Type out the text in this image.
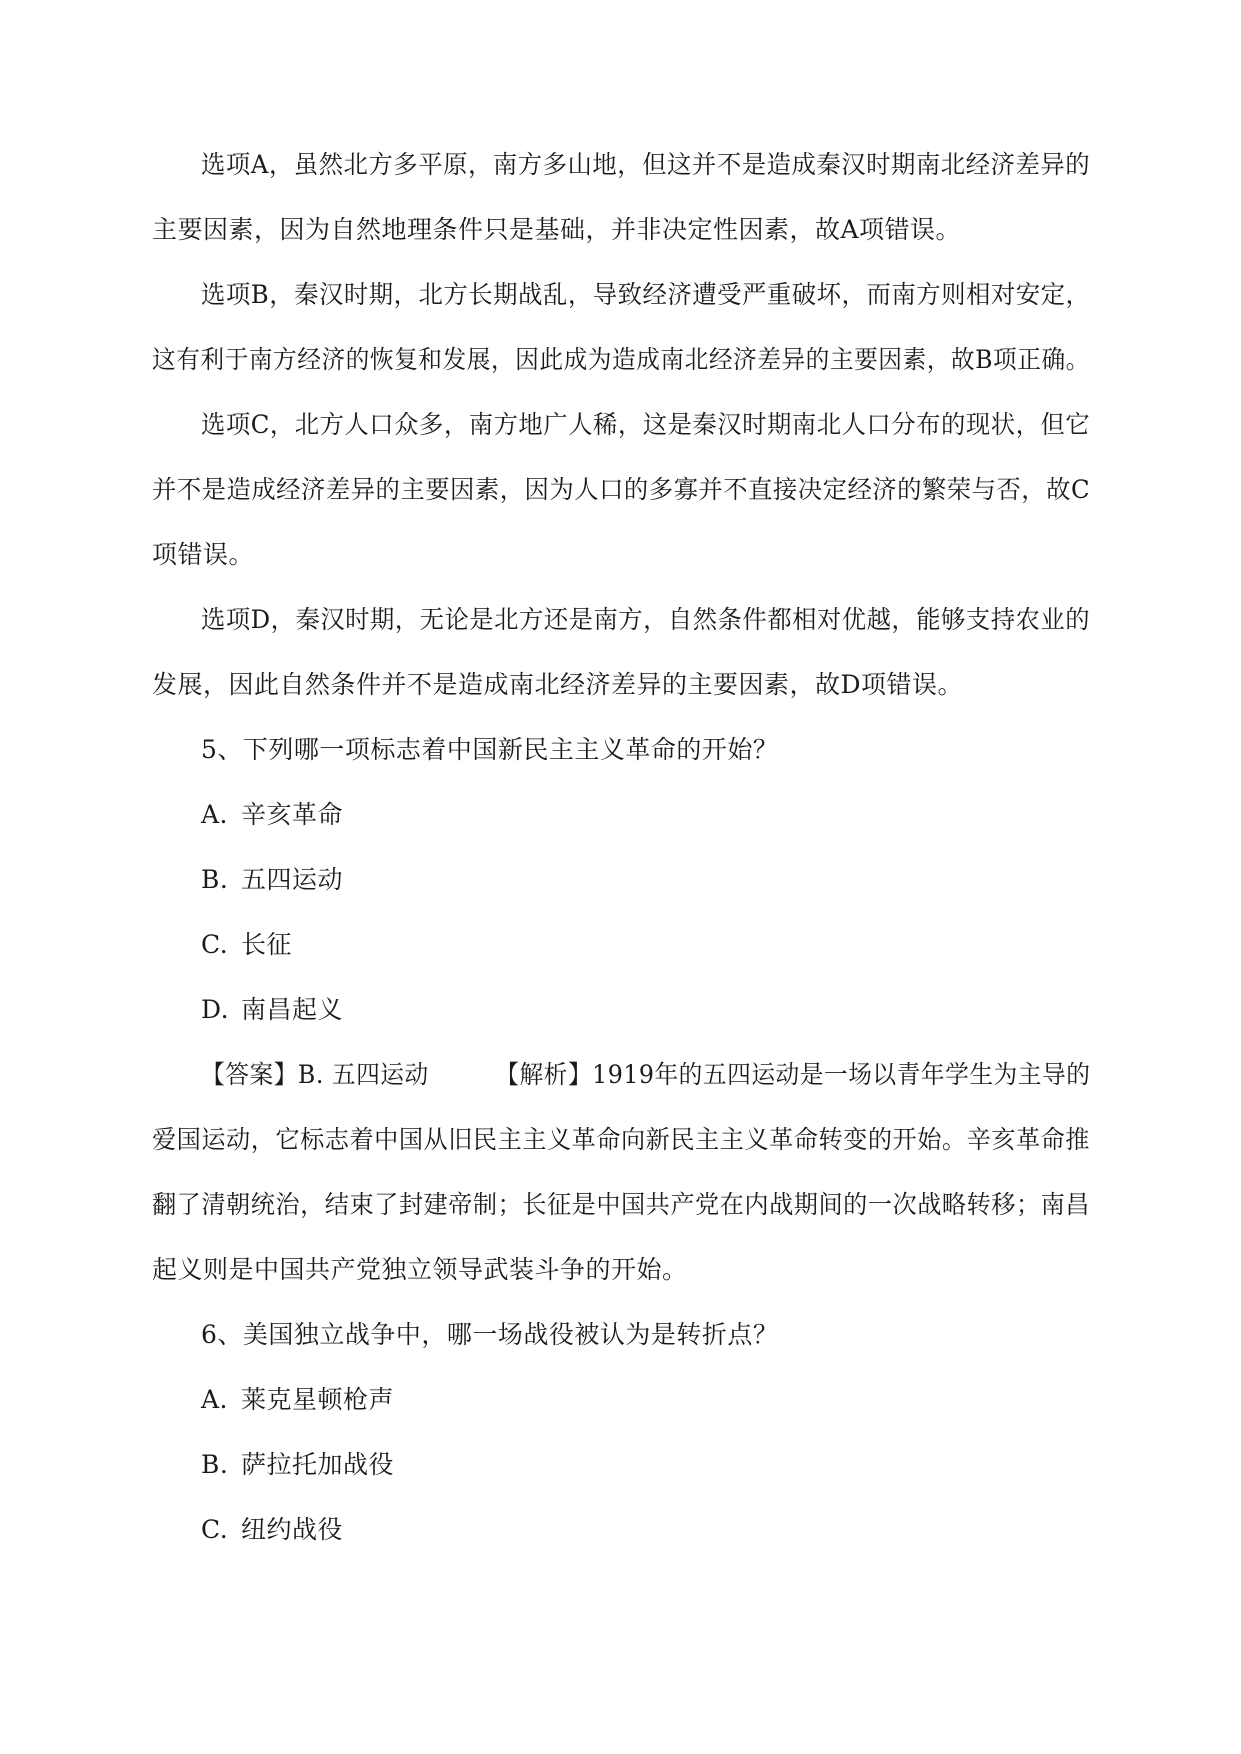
选项A，虽然北方多平原，南方多山地，但这并不是造成秦汉时期南北经济差异的
主要因素，因为自然地理条件只是基础，并非决定性因素，故A项错误。
选项B，秦汉时期，北方长期战乱，导致经济遭受严重破坏，而南方则相对安定，
这有利于南方经济的恢复和发展，因此成为造成南北经济差异的主要因素，故B项正确。
选项C，北方人口众多，南方地广人稀，这是秦汉时期南北人口分布的现状，但它
并不是造成经济差异的主要因素，因为人口的多寡并不直接决定经济的繁荣与否，故C
项错误。
选项D，秦汉时期，无论是北方还是南方，自然条件都相对优越，能够支持农业的
发展，因此自然条件并不是造成南北经济差异的主要因素，故D项错误。
5、下列哪一项标志着中国新民主主义革命的开始？
A. 辛亥革命
B. 五四运动
C. 长征
D. 南昌起义
【答案】B. 五四运动	【解析】1919年的五四运动是一场以青年学生为主导的
爱国运动，它标志着中国从旧民主主义革命向新民主主义革命转变的开始。辛亥革命推
翻了清朝统治，结束了封建帝制；长征是中国共产党在内战期间的一次战略转移；南昌
起义则是中国共产党独立领导武装斗争的开始。
6、美国独立战争中，哪一场战役被认为是转折点？
A. 莱克星顿枪声
B. 萨拉托加战役
C. 纽约战役
